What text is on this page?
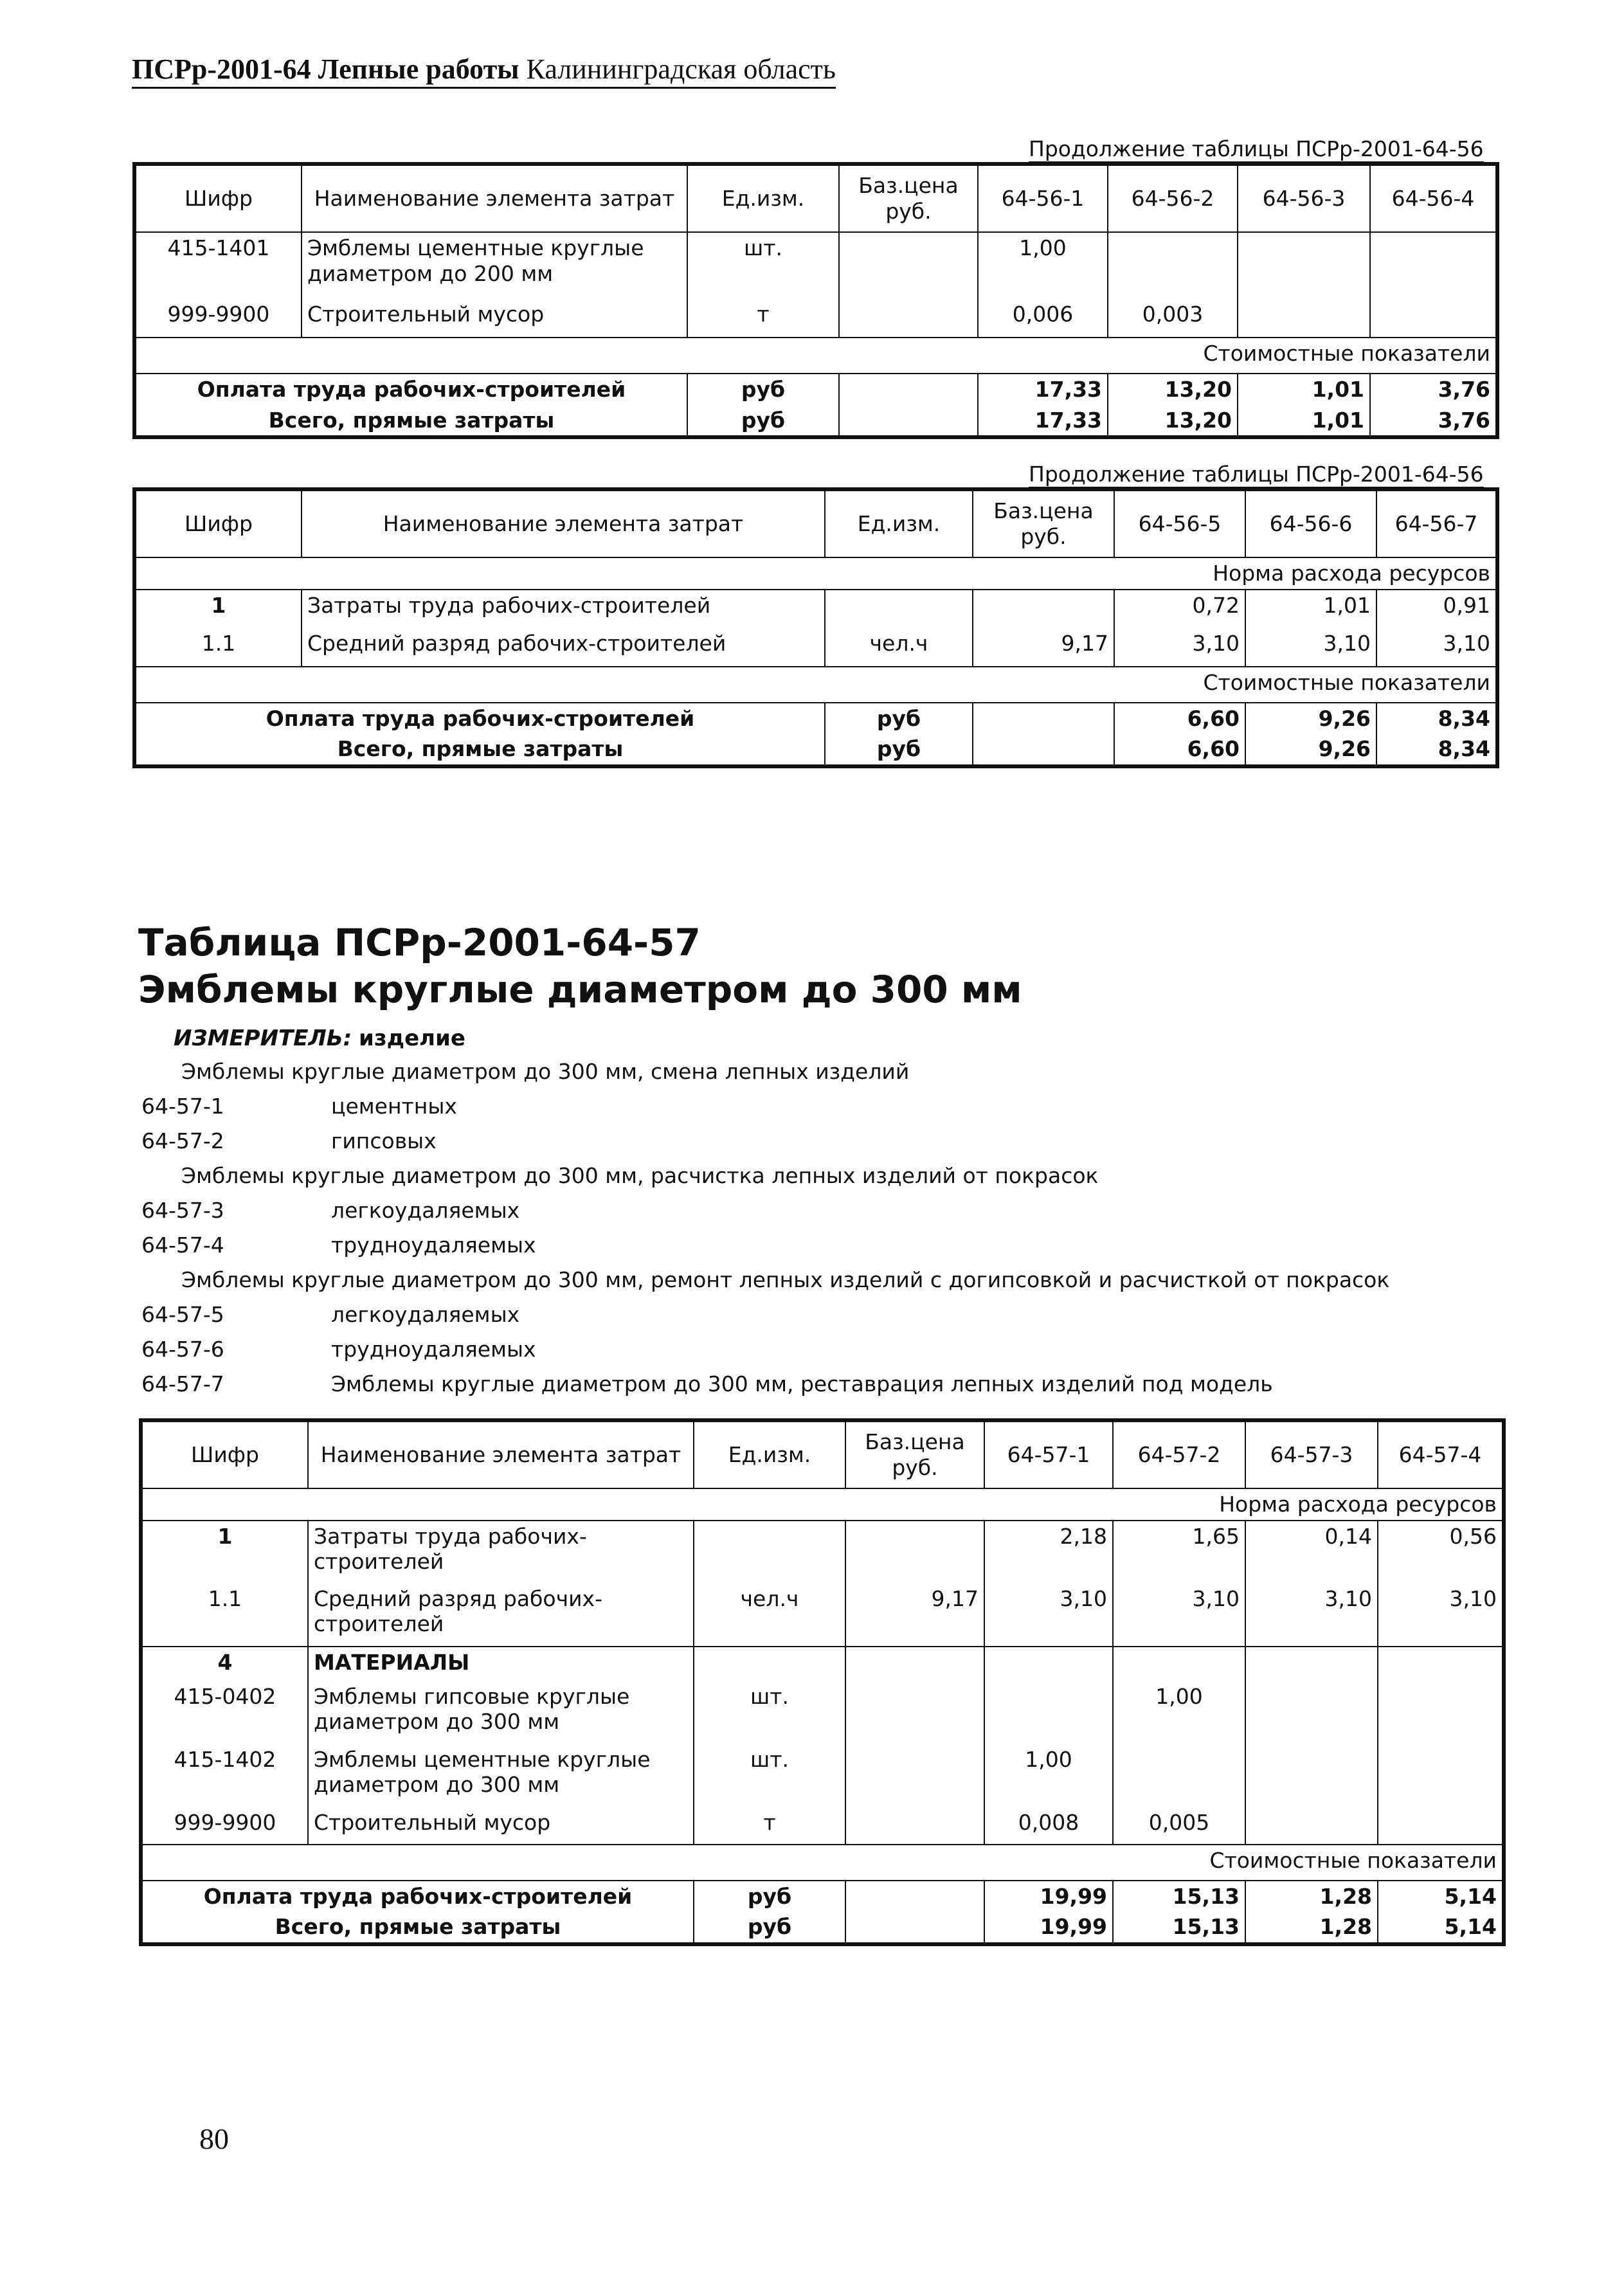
ПСРр-2001-64 Лепные работы Калининградская область
Продолжение таблицы ПСРр-2001-64-56
Шифр	Наименование элемента затрат	Ед.изм.	Баз.цена руб.	64-56-1	64-56-2	64-56-3	64-56-4
415-1401	Эмблемы цементные круглые диаметром до 200 мм	шт.		1,00			
999-9900	Строительный мусор	т		0,006	0,003		
Стоимостные показатели							
Оплата труда рабочих-строителей		руб		17,33	13,20	1,01	3,76
Всего, прямые затраты		руб		17,33	13,20	1,01	3,76
Продолжение таблицы ПСРр-2001-64-56
Шифр	Наименование элемента затрат	Ед.изм.	Баз.цена руб.	64-56-5	64-56-6	64-56-7
Норма расхода ресурсов						
1	Затраты труда рабочих-строителей			0,72	1,01	0,91
1.1	Средний разряд рабочих-строителей	чел.ч	9,17	3,10	3,10	3,10
Стоимостные показатели						
Оплата труда рабочих-строителей		руб		6,60	9,26	8,34
Всего, прямые затраты		руб		6,60	9,26	8,34
Таблица ПСРр-2001-64-57
Эмблемы круглые диаметром до 300 мм
ИЗМЕРИТЕЛЬ: изделие
Эмблемы круглые диаметром до 300 мм, смена лепных изделий
64-57-1	цементных
64-57-2	гипсовых
Эмблемы круглые диаметром до 300 мм, расчистка лепных изделий от покрасок
64-57-3	легкоудаляемых
64-57-4	трудноудаляемых
Эмблемы круглые диаметром до 300 мм, ремонт лепных изделий с догипсовкой и расчисткой от покрасок
64-57-5	легкоудаляемых
64-57-6	трудноудаляемых
64-57-7	Эмблемы круглые диаметром до 300 мм, реставрация лепных изделий под модель
Шифр	Наименование элемента затрат	Ед.изм.	Баз.цена руб.	64-57-1	64-57-2	64-57-3	64-57-4
Норма расхода ресурсов							
1	Затраты труда рабочих-строителей			2,18	1,65	0,14	0,56
1.1	Средний разряд рабочих-строителей	чел.ч	9,17	3,10	3,10	3,10	3,10
4	МАТЕРИАЛЫ						
415-0402	Эмблемы гипсовые круглые диаметром до 300 мм	шт.			1,00		
415-1402	Эмблемы цементные круглые диаметром до 300 мм	шт.		1,00			
999-9900	Строительный мусор	т		0,008	0,005		
Стоимостные показатели							
Оплата труда рабочих-строителей		руб		19,99	15,13	1,28	5,14
Всего, прямые затраты		руб		19,99	15,13	1,28	5,14
80
